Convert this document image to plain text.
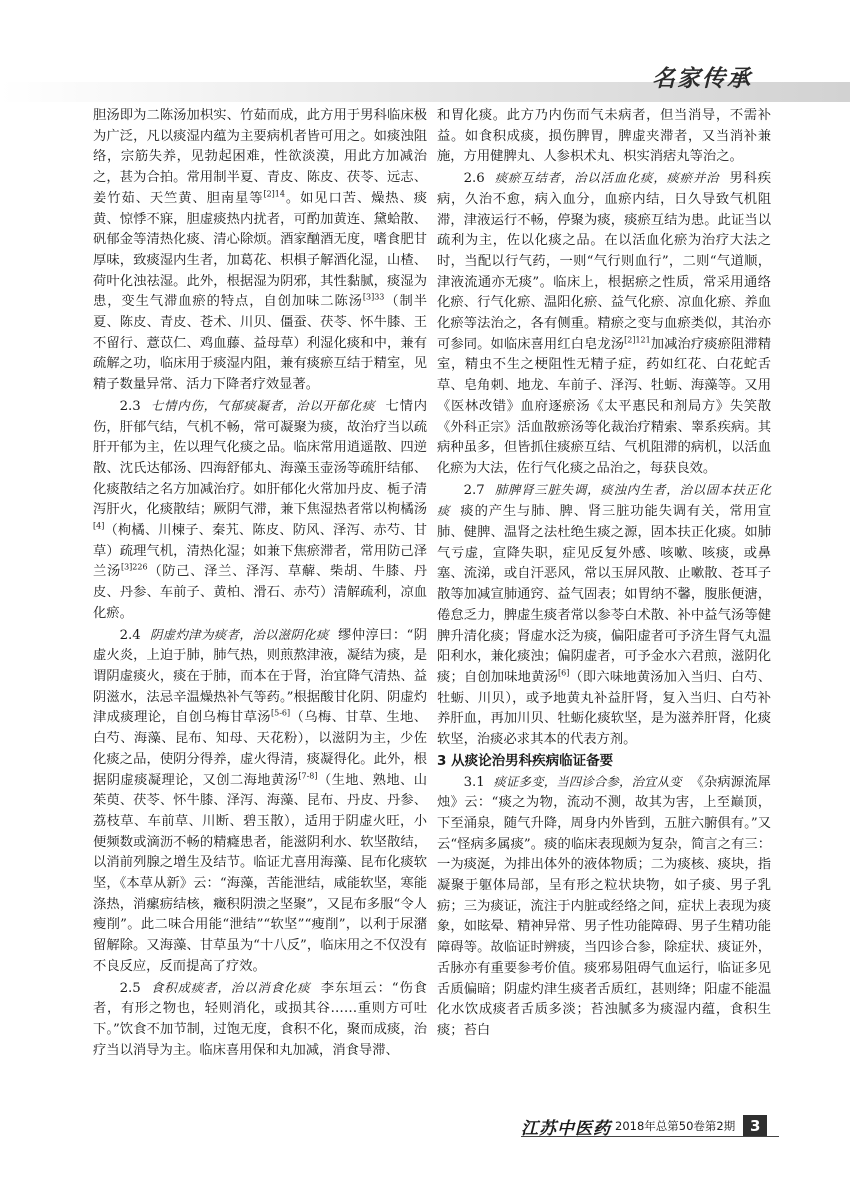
名家传承

胆汤即为二陈汤加枳实、竹茹而成，此方用于男科临床极为广泛，凡以痰湿内蕴为主要病机者皆可用之。如痰浊阻络，宗筋失养，见勃起困难，性欲淡漠，用此方加减治之，甚为合拍。常用制半夏、青皮、陈皮、茯苓、远志、姜竹茹、天竺黄、胆南星等$^{[2]14}$。如见口苦、燥热、痰黄、惊悸不寐，胆虚痰热内扰者，可酌加黄连、黛蛤散、矾郁金等清热化痰、清心除烦。酒家酗酒无度，嗜食肥甘厚味，致痰湿内生者，加葛花、枳椇子解酒化湿，山楂、荷叶化浊祛湿。此外，根据湿为阴邪，其性黏腻，痰湿为患，变生气滞血瘀的特点，自创加味二陈汤$^{[3]33}$（制半夏、陈皮、青皮、苍术、川贝、僵蚕、茯苓、怀牛膝、王不留行、薏苡仁、鸡血藤、益母草）利湿化痰和中，兼有疏解之功，临床用于痰湿内阻，兼有痰瘀互结于精室，见精子数量异常、活力下降者疗效显著。

2.3 七情内伤，气郁痰凝者，治以开郁化痰 七情内伤，肝郁气结，气机不畅，常可凝聚为痰，故治疗当以疏肝开郁为主，佐以理气化痰之品。临床常用逍遥散、四逆散、沈氏达郁汤、四海舒郁丸、海藻玉壶汤等疏肝结郁、化痰散结之名方加减治疗。如肝郁化火常加丹皮、栀子清泻肝火，化痰散结；厥阴气滞，兼下焦湿热者常以枸橘汤[4]（枸橘、川楝子、秦艽、陈皮、防风、泽泻、赤芍、甘草）疏理气机，清热化湿；如兼下焦瘀滞者，常用防己泽兰汤$^{[3]226}$（防己、泽兰、泽泻、草薢、柴胡、牛膝、丹皮、丹参、车前子、黄柏、滑石、赤芍）清解疏利，凉血化瘀。

2.4 阴虚灼津为痰者，治以滋阴化痰 缪仲淳曰：“阴虚火炎，上迫于肺，肺气热，则煎熬津液，凝结为痰，是谓阴虚痰火，痰在于肺，而本在于肾，治宜降气清热、益阴滋水，法忌辛温燥热补气等药。”根据酸甘化阴、阴虚灼津成痰理论，自创乌梅甘草汤[5-6]（乌梅、甘草、生地、白芍、海藻、昆布、知母、天花粉），以滋阴为主，少佐化痰之品，使阴分得养，虚火得清，痰凝得化。此外，根据阴虚痰凝理论，又创二海地黄汤[7-8]（生地、熟地、山茱萸、茯苓、怀牛膝、泽泻、海藻、昆布、丹皮、丹参、荔枝草、车前草、川断、碧玉散），适用于阴虚火旺，小便频数或滴沥不畅的精癃患者，能滋阴利水、软坚散结，以消前列腺之增生及结节。临证尤喜用海藻、昆布化痰软坚，《本草从新》云：“海藻，苦能泄结，咸能软坚，寒能涤热，消瘰疬结核，癥积阴溃之坚聚”，又昆布多服“令人瘦削”。此二味合用能“泄结”“软坚”“瘦削”，以利于尿潴留解除。又海藻、甘草虽为“十八反”，临床用之不仅没有不良反应，反而提高了疗效。

2.5 食积成痰者，治以消食化痰 李东垣云：“伤食者，有形之物也，轻则消化，或损其谷……重则方可吐下。”饮食不加节制，过饱无度，食积不化，聚而成痰，治疗当以消导为主。临床喜用保和丸加减，消食导滞、

和胃化痰。此方乃内伤而气未病者，但当消导，不需补益。如食积成痰，损伤脾胃，脾虚夹滞者，又当消补兼施，方用健脾丸、人参枳术丸、枳实消痞丸等治之。

2.6 痰瘀互结者，治以活血化痰，痰瘀并治 男科疾病，久治不愈，病入血分，血瘀内结，日久导致气机阻滞，津液运行不畅，停聚为痰，痰瘀互结为患。此证当以疏利为主，佐以化痰之品。在以活血化瘀为治疗大法之时，当配以行气药，一则“气行则血行”，二则“气道顺，津液流通亦无痰”。临床上，根据瘀之性质，常采用通络化瘀、行气化瘀、温阳化瘀、益气化瘀、凉血化瘀、养血化瘀等法治之，各有侧重。精瘀之变与血瘀类似，其治亦可参同。如临床喜用红白皂龙汤$^{[2]121}$加减治疗痰瘀阻滞精室，精虫不生之梗阻性无精子症，药如红花、白花蛇舌草、皂角刺、地龙、车前子、泽泻、牡蛎、海藻等。又用《医林改错》血府逐瘀汤《太平惠民和剂局方》失笑散《外科正宗》活血散瘀汤等化裁治疗精索、睾系疾病。其病种虽多，但皆抓住痰瘀互结、气机阻滞的病机，以活血化瘀为大法，佐行气化痰之品治之，每获良效。

2.7 肺脾肾三脏失调，痰浊内生者，治以固本扶正化痰 痰的产生与肺、脾、肾三脏功能失调有关，常用宣肺、健脾、温肾之法杜绝生痰之源，固本扶正化痰。如肺气亏虚，宣降失职，症见反复外感、咳嗽、咳痰，或鼻塞、流涕，或自汗恶风，常以玉屏风散、止嗽散、苍耳子散等加减宣肺通窍、益气固表；如胃纳不馨，腹胀便溏，倦怠乏力，脾虚生痰者常以参苓白术散、补中益气汤等健脾升清化痰；肾虚水泛为痰，偏阳虚者可予济生肾气丸温阳利水，兼化痰浊；偏阴虚者，可予金水六君煎，滋阴化痰；自创加味地黄汤[6]（即六味地黄汤加入当归、白芍、牡蛎、川贝），或予地黄丸补益肝肾，复入当归、白芍补养肝血，再加川贝、牡蛎化痰软坚，是为滋养肝肾，化痰软坚，治痰必求其本的代表方剂。

3 从痰论治男科疾病临证备要

3.1 痰证多变，当四诊合参，治宜从变 《杂病源流犀烛》云：“痰之为物，流动不测，故其为害，上至巅顶，下至涌泉，随气升降，周身内外皆到，五脏六腑俱有。”又云“怪病多属痰”。痰的临床表现颇为复杂，简言之有三：一为痰涎，为排出体外的液体物质；二为痰核、痰块，指凝聚于躯体局部，呈有形之粒状块物，如子痰、男子乳疬；三为痰证，流注于内脏或经络之间，症状上表现为痰象，如眩晕、精神异常、男子性功能障碍、男子生精功能障碍等。故临证时辨痰，当四诊合参，除症状、痰证外，舌脉亦有重要参考价值。痰邪易阻碍气血运行，临证多见舌质偏暗；阴虚灼津生痰者舌质红，甚则绛；阳虚不能温化水饮成痰者舌质多淡；苔浊腻多为痰湿内蕴，食积生痰；苔白

江苏中医药 2018年总第50卷第2期 3
